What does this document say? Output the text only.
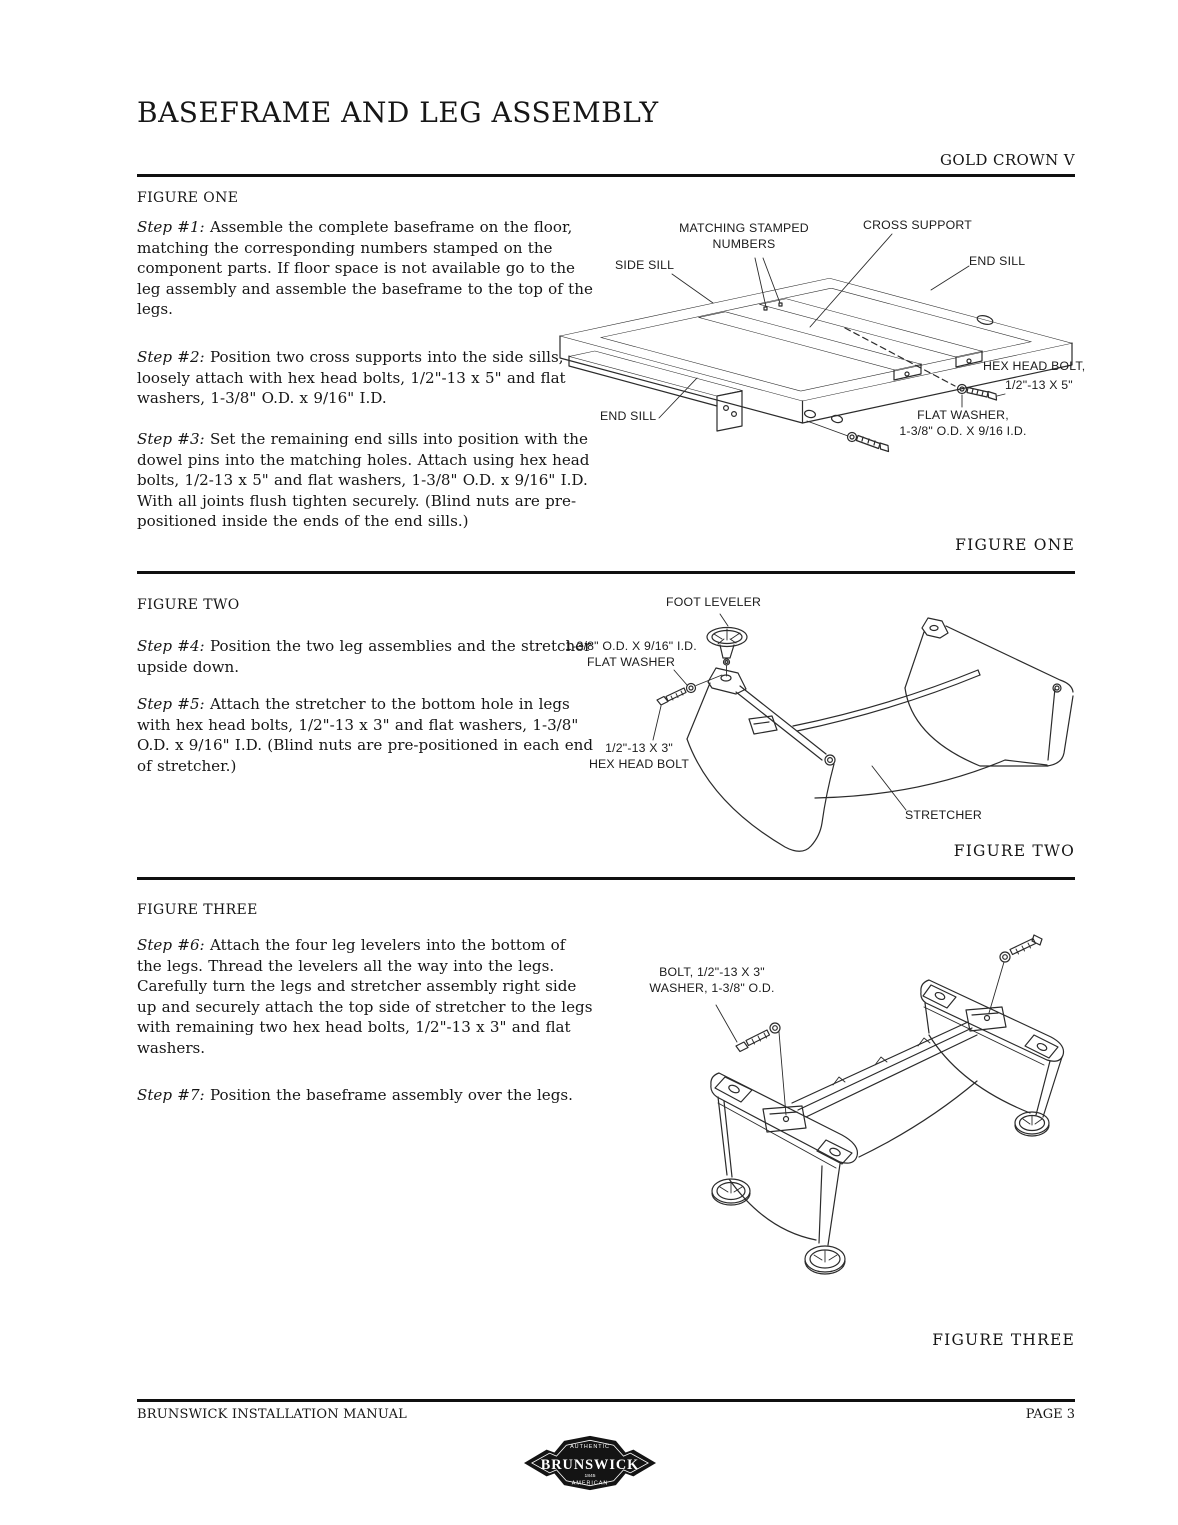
BASEFRAME AND LEG ASSEMBLY
GOLD CROWN V
FIGURE ONE
Step #1: Assemble the complete baseframe on the floor, matching the corresponding numbers stamped on the component parts. If floor space is not available go to the leg assembly and assemble the baseframe to the top of the legs.
Step #2: Position two cross supports into the side sills, loosely attach with hex head bolts, 1/2"-13 x 5" and flat washers, 1-3/8" O.D. x 9/16" I.D.
Step #3: Set the remaining end sills into position with the dowel pins into the matching holes. Attach using hex head bolts, 1/2-13 x 5" and flat washers, 1-3/8" O.D. x 9/16" I.D. With all joints flush tighten securely. (Blind nuts are pre-positioned inside the ends of the end sills.)
MATCHING STAMPED NUMBERS
CROSS SUPPORT
SIDE SILL	END SILL
END SILL
HEX HEAD BOLT,
1/2"-13 X 5"
FLAT WASHER,
1-3/8" O.D. X 9/16 I.D.
FIGURE ONE
FIGURE TWO
Step #4: Position the two leg assemblies and the stretcher upside down.
Step #5: Attach the stretcher to the bottom hole in legs with hex head bolts, 1/2"-13 x 3" and flat washers, 1-3/8" O.D. x 9/16" I.D. (Blind nuts are pre-positioned in each end of stretcher.)
FOOT LEVELER
1-3/8" O.D. X 9/16" I.D.
FLAT WASHER
1/2"-13 X 3"
HEX HEAD BOLT
STRETCHER
FIGURE TWO
FIGURE THREE
Step #6: Attach the four leg levelers into the bottom of the legs. Thread the levelers all the way into the legs. Carefully turn the legs and stretcher assembly right side up and securely attach the top side of stretcher to the legs with remaining two hex head bolts, 1/2"-13 x 3" and flat washers.
Step #7: Position the baseframe assembly over the legs.
BOLT, 1/2"-13 X 3"
WASHER, 1-3/8" O.D.
FIGURE THREE
BRUNSWICK INSTALLATION MANUAL	PAGE 3
AUTHENTIC
BRUNSWICK
1845
AMERICAN
